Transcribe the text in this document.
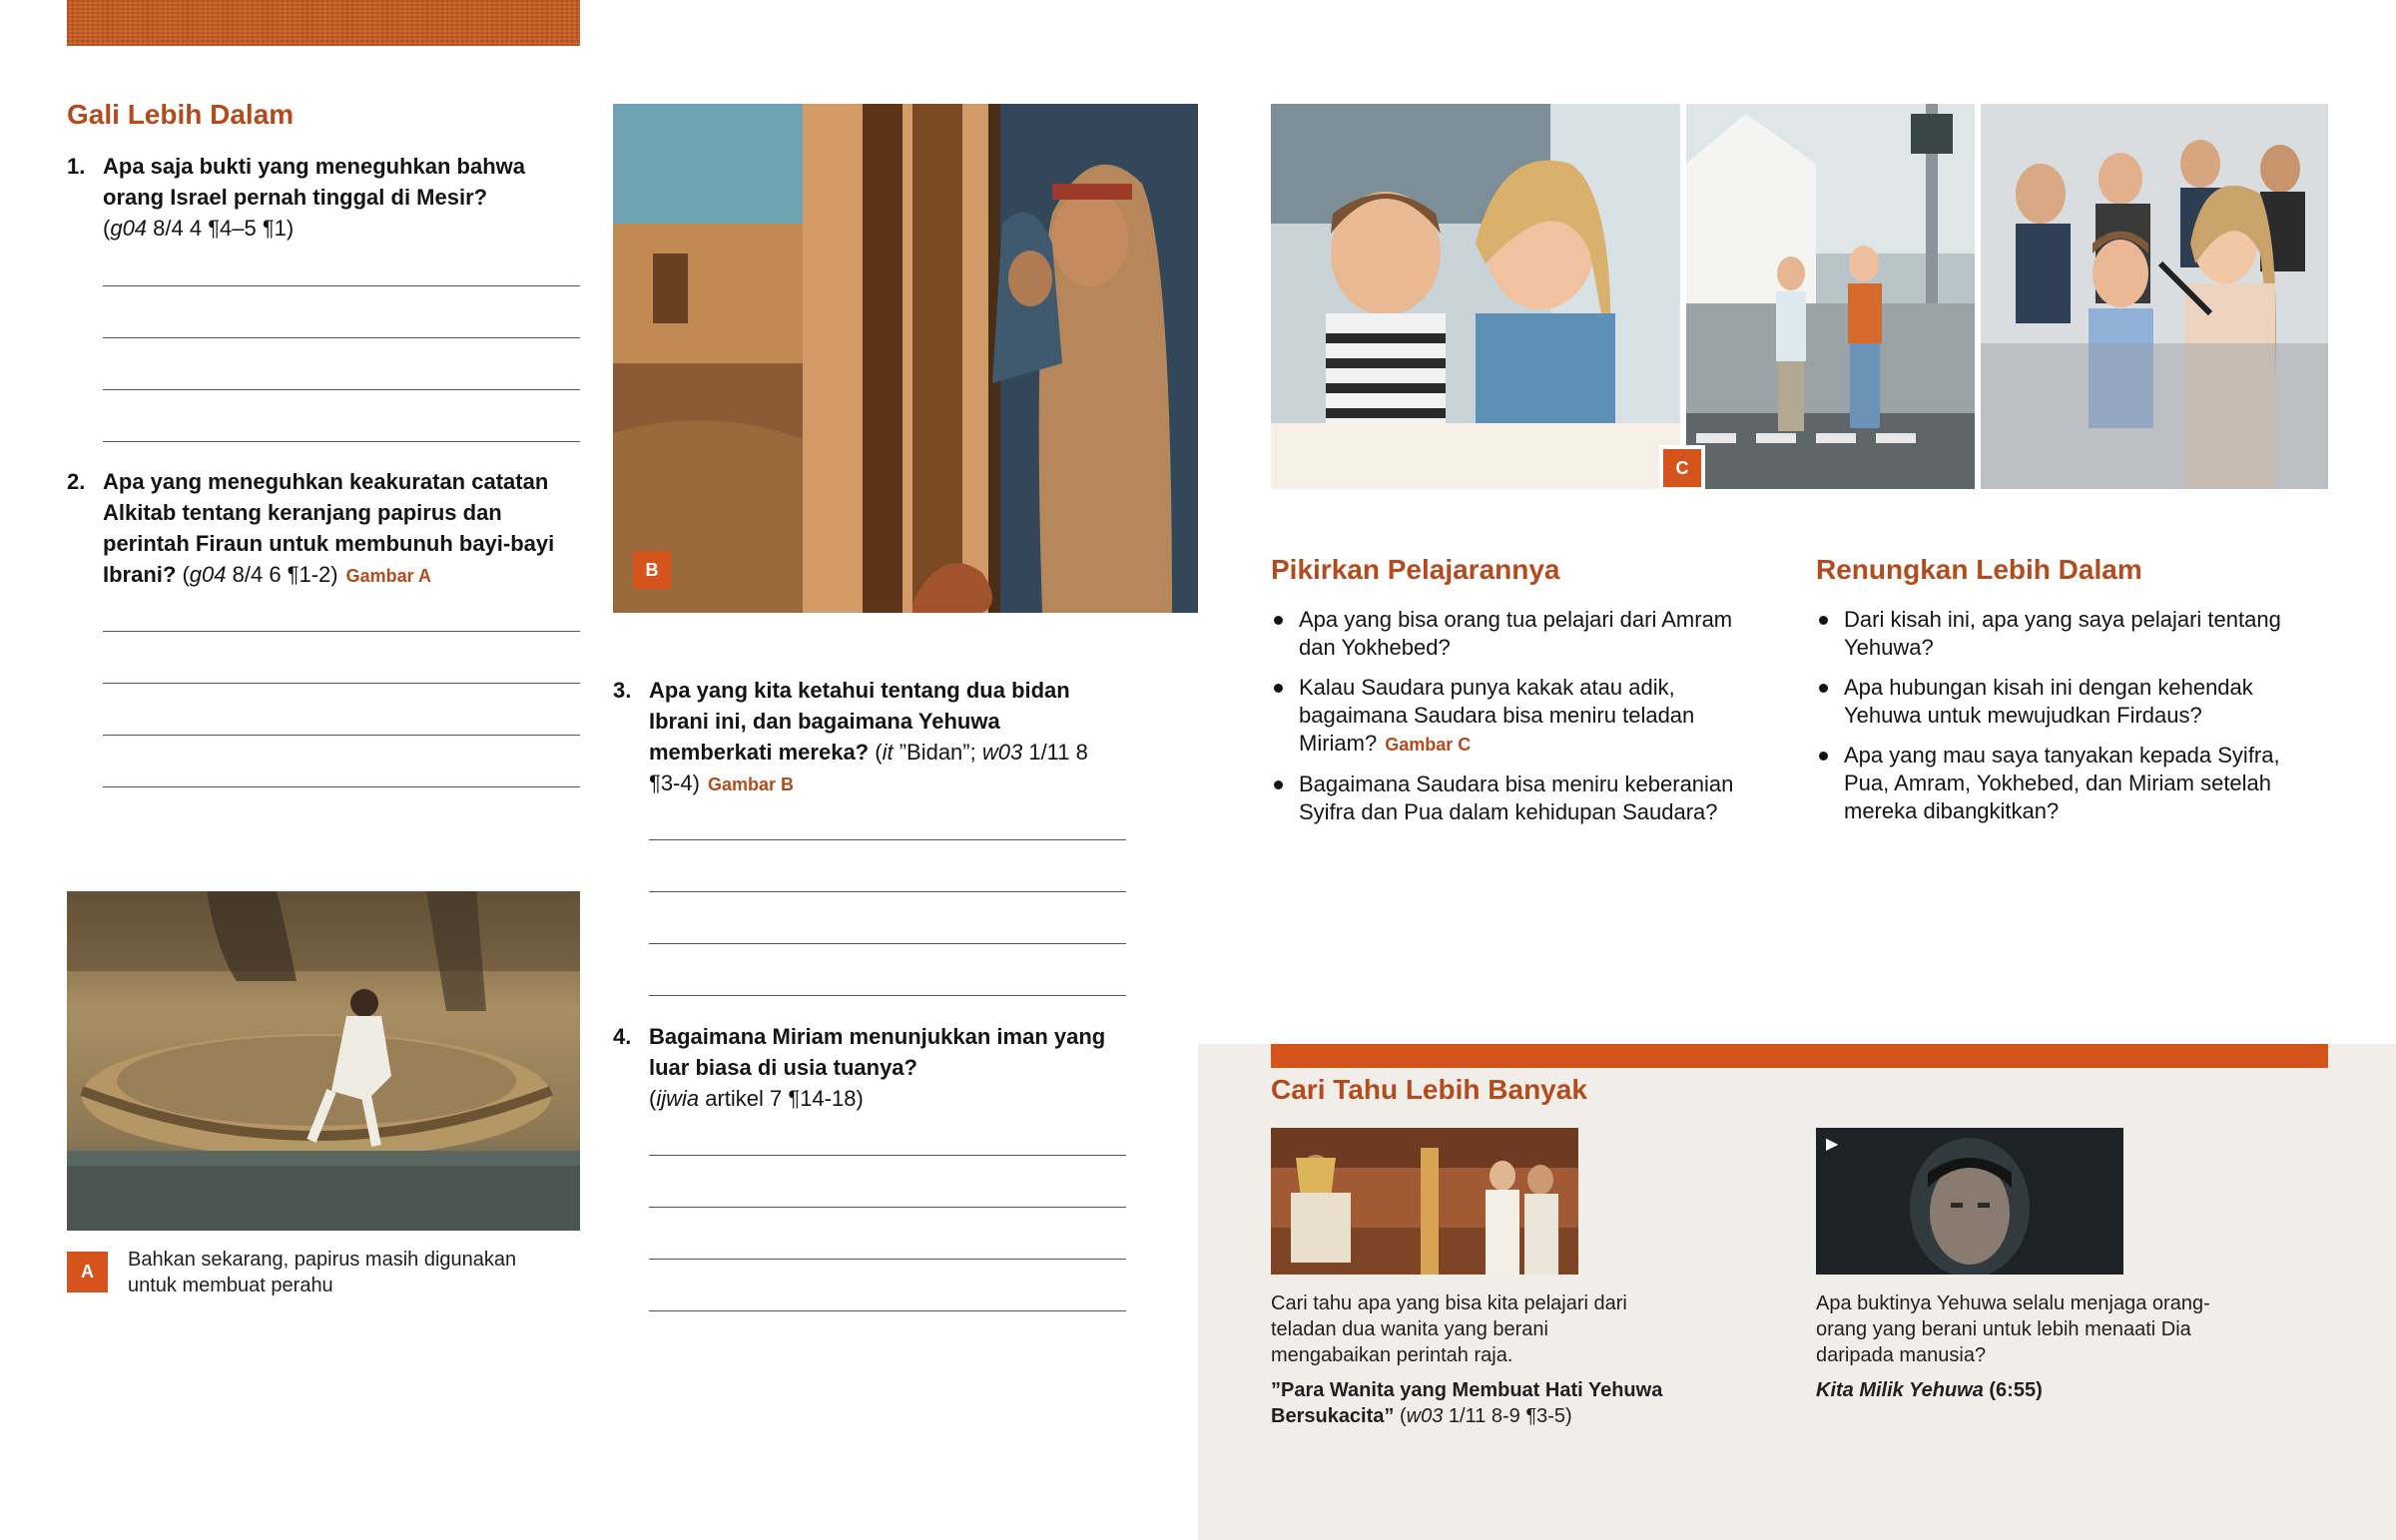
Gali Lebih Dalam
1. Apa saja bukti yang meneguhkan bahwa orang Israel pernah tinggal di Mesir?
(g04 8/4 4 ¶4–5 ¶1)
2. Apa yang meneguhkan keakuratan catatan Alkitab tentang keranjang papirus dan perintah Firaun untuk membunuh bayi-bayi Ibrani? (g04 8/4 6 ¶1-2) Gambar A
A
Bahkan sekarang, papirus masih digunakan untuk membuat perahu
B
3. Apa yang kita ketahui tentang dua bidan Ibrani ini, dan bagaimana Yehuwa memberkati mereka? (it ”Bidan”; w03 1/11 8 ¶3-4) Gambar B
4. Bagaimana Miriam menunjukkan iman yang luar biasa di usia tuanya?
(ijwia artikel 7 ¶14-18)
C
Pikirkan Pelajarannya
Apa yang bisa orang tua pelajari dari Amram dan Yokhebed?
Kalau Saudara punya kakak atau adik, bagaimana Saudara bisa meniru teladan Miriam? Gambar C
Bagaimana Saudara bisa meniru keberanian Syifra dan Pua dalam kehidupan Saudara?
Renungkan Lebih Dalam
Dari kisah ini, apa yang saya pelajari tentang Yehuwa?
Apa hubungan kisah ini dengan kehendak Yehuwa untuk mewujudkan Firdaus?
Apa yang mau saya tanyakan kepada Syifra, Pua, Amram, Yokhebed, dan Miriam setelah mereka dibangkitkan?
Cari Tahu Lebih Banyak
Cari tahu apa yang bisa kita pelajari dari teladan dua wanita yang berani mengabaikan perintah raja.
”Para Wanita yang Membuat Hati Yehuwa Bersukacita” (w03 1/11 8-9 ¶3-5)
▶
Apa buktinya Yehuwa selalu menjaga orang-orang yang berani untuk lebih menaati Dia daripada manusia?
Kita Milik Yehuwa (6:55)
